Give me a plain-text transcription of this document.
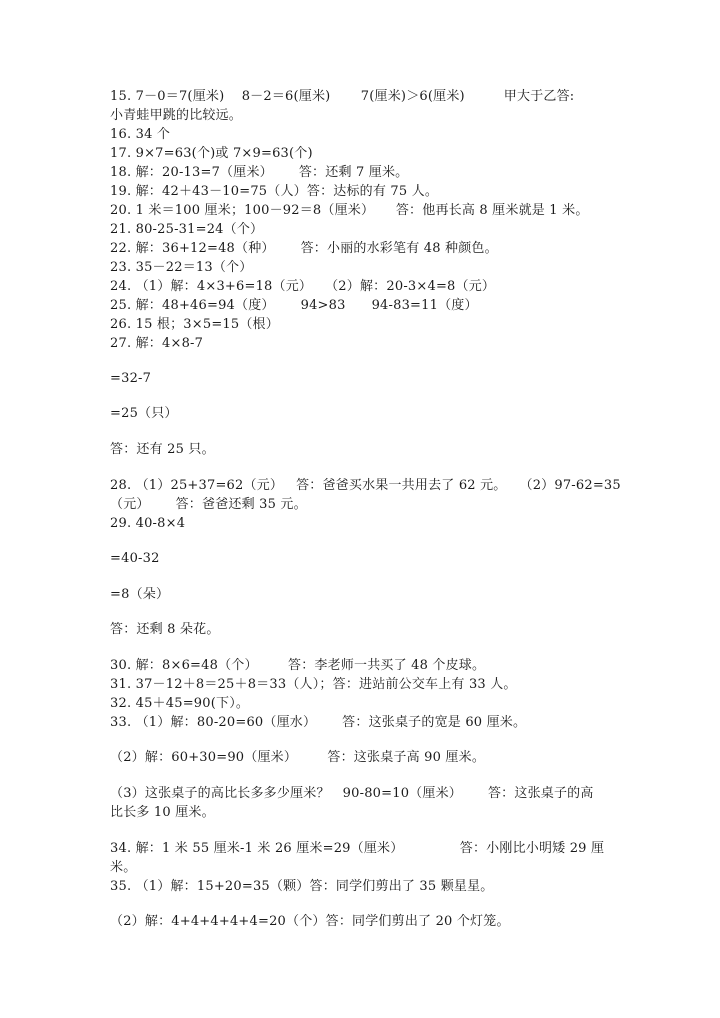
15. 7－0＝7(厘米)    8－2＝6(厘米)       7(厘米)＞6(厘米)         甲大于乙答:
小青蛙甲跳的比较远。
16. 34 个
17. 9×7=63(个)或 7×9=63(个)
18. 解：20-13=7（厘米）      答：还剩 7 厘米。
19. 解：42＋43－10=75（人）答：达标的有 75 人。
20. 1 米＝100 厘米；100－92＝8（厘米）     答：他再长高 8 厘米就是 1 米。
21. 80-25-31=24（个）
22. 解：36+12=48（种）      答：小丽的水彩笔有 48 种颜色。
23. 35－22＝13（个）
24. （1）解：4×3+6=18（元）   （2）解：20-3×4=8（元）
25. 解：48+46=94（度）      94>83      94-83=11（度）
26. 15 根；3×5=15（根）
27. 解：4×8-7
=32-7
=25（只）
答：还有 25 只。
28. （1）25+37=62（元）   答：爸爸买水果一共用去了 62 元。   （2）97-62=35
（元）      答：爸爸还剩 35 元。
29. 40-8×4
=40-32
=8（朵）
答：还剩 8 朵花。
30. 解：8×6=48（个）       答：李老师一共买了 48 个皮球。
31. 37－12＋8＝25＋8＝33（人）；答：进站前公交车上有 33 人。
32. 45＋45=90(下）。
33. （1）解：80-20=60（厘水）      答：这张桌子的宽是 60 厘米。
（2）解：60+30=90（厘米）       答：这张桌子高 90 厘米。
（3）这张桌子的高比长多多少厘米？   90-80=10（厘米）      答：这张桌子的高
比长多 10 厘米。
34. 解：1 米 55 厘米-1 米 26 厘米=29（厘米）             答：小刚比小明矮 29 厘
米。
35. （1）解：15+20=35（颗）答：同学们剪出了 35 颗星星。
（2）解：4+4+4+4+4=20（个）答：同学们剪出了 20 个灯笼。
